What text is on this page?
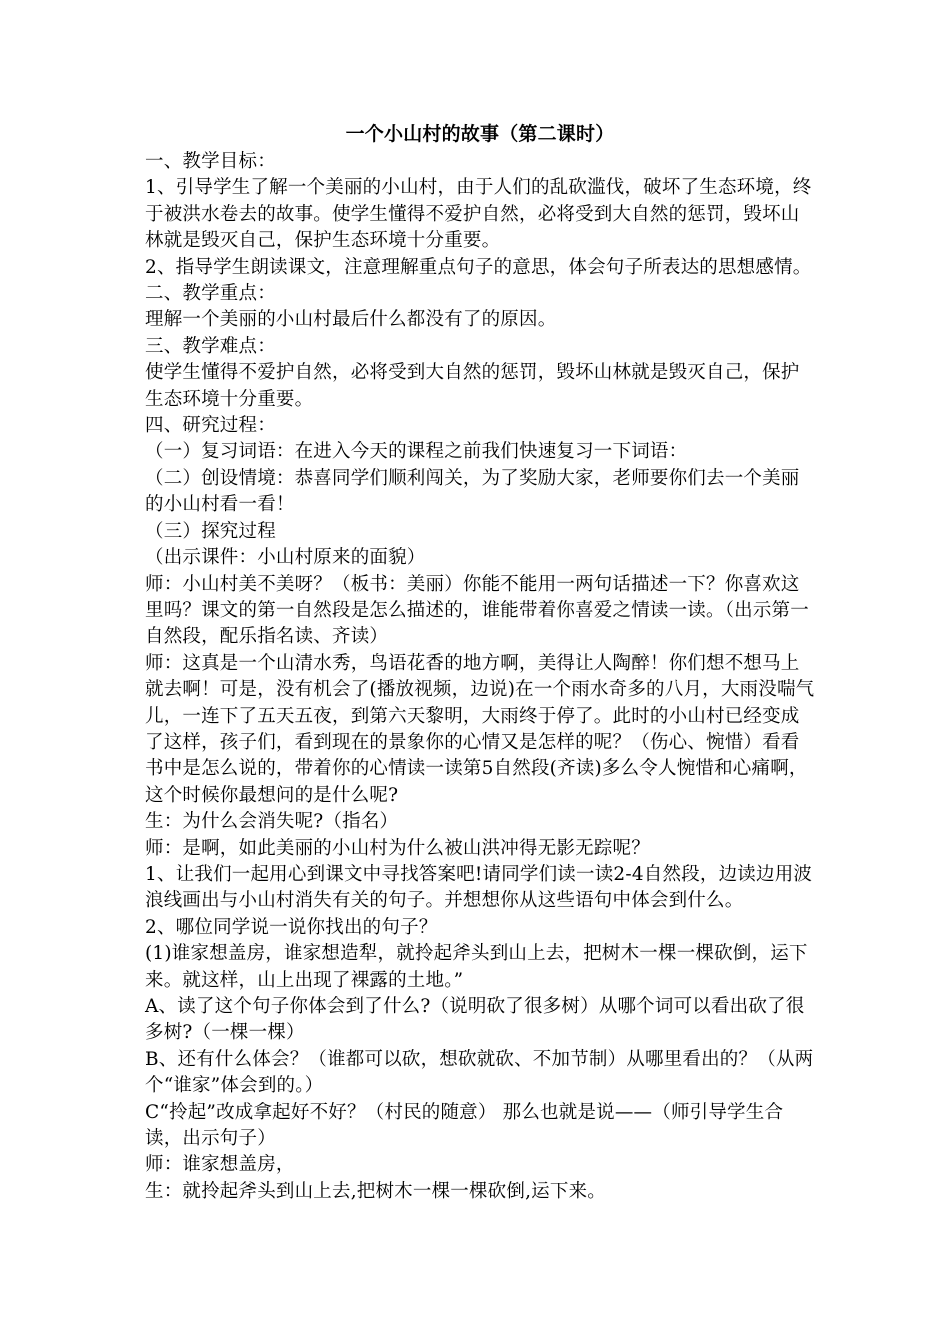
一个小山村的故事（第二课时）

一、教学目标：

1、引导学生了解一个美丽的小山村，由于人们的乱砍滥伐，破坏了生态环境，终于被洪水卷去的故事。使学生懂得不爱护自然，必将受到大自然的惩罚，毁坏山林就是毁灭自己，保护生态环境十分重要。

2、指导学生朗读课文，注意理解重点句子的意思，体会句子所表达的思想感情。

二、教学重点：

理解一个美丽的小山村最后什么都没有了的原因。

三、教学难点：

使学生懂得不爱护自然，必将受到大自然的惩罚，毁坏山林就是毁灭自己，保护生态环境十分重要。

四、研究过程：

（一）复习词语：在进入今天的课程之前我们快速复习一下词语：

（二）创设情境：恭喜同学们顺利闯关，为了奖励大家，老师要你们去一个美丽的小山村看一看！

（三）探究过程

（出示课件：小山村原来的面貌）

师：小山村美不美呀？（板书：美丽）你能不能用一两句话描述一下？你喜欢这里吗？课文的第一自然段是怎么描述的，谁能带着你喜爱之情读一读。（出示第一自然段，配乐指名读、齐读）

师：这真是一个山清水秀，鸟语花香的地方啊，美得让人陶醉！你们想不想马上就去啊！可是，没有机会了(播放视频，边说)在一个雨水奇多的八月，大雨没喘气儿，一连下了五天五夜，到第六天黎明，大雨终于停了。此时的小山村已经变成了这样，孩子们，看到现在的景象你的心情又是怎样的呢？（伤心、惋惜）看看书中是怎么说的，带着你的心情读一读第5自然段(齐读)多么令人惋惜和心痛啊，这个时候你最想问的是什么呢?

生：为什么会消失呢?（指名）

师：是啊，如此美丽的小山村为什么被山洪冲得无影无踪呢？

1、让我们一起用心到课文中寻找答案吧!请同学们读一读2-4自然段，边读边用波浪线画出与小山村消失有关的句子。并想想你从这些语句中体会到什么。

2、哪位同学说一说你找出的句子？

(1)谁家想盖房，谁家想造犁，就拎起斧头到山上去，把树木一棵一棵砍倒，运下来。就这样，山上出现了裸露的土地。”

A、读了这个句子你体会到了什么?（说明砍了很多树）从哪个词可以看出砍了很多树?（一棵一棵）

B、还有什么体会？（谁都可以砍，想砍就砍、不加节制）从哪里看出的？（从两个“谁家”体会到的。）

C“拎起”改成拿起好不好？（村民的随意） 那么也就是说——（师引导学生合读，出示句子）

师：谁家想盖房，

生：就拎起斧头到山上去,把树木一棵一棵砍倒,运下来。
